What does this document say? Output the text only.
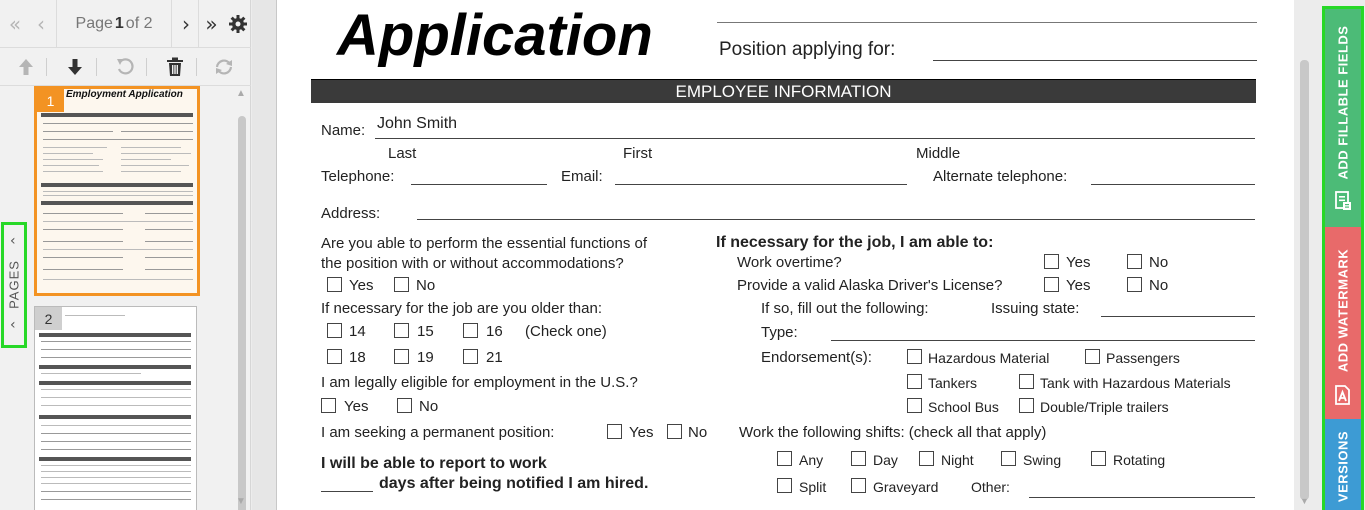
« ‹	Page 1 of 2	› »
1	Employment Application
2
▲
▼
‹
PAGES
‹
Application	Position applying for:
EMPLOYEE INFORMATION
Name: John Smith
Last	First	Middle
Telephone:	Email:	Alternate telephone:
Address:
Are you able to perform the essential functions of
the position with or without accommodations?
Yes	No
If necessary for the job are you older than:
14	15	16 (Check one)
18	19	21
I am legally eligible for employment in the U.S.?
Yes	No
I am seeking a permanent position:	Yes No
I will be able to report to work
days after being notified I am hired.
If necessary for the job, I am able to:
Work overtime?	Yes	No
Provide a valid Alaska Driver's License?	Yes	No
If so, fill out the following:	Issuing state:
Type:
Endorsement(s):	Hazardous Material	Passengers
Tankers	Tank with Hazardous Materials
School Bus	Double/Triple trailers
Work the following shifts: (check all that apply)
Any	Day	Night	Swing	Rotating
Split	Graveyard Other:
▼
ADD FILLABLE FIELDS
ADD WATERMARK
VERSIONS
